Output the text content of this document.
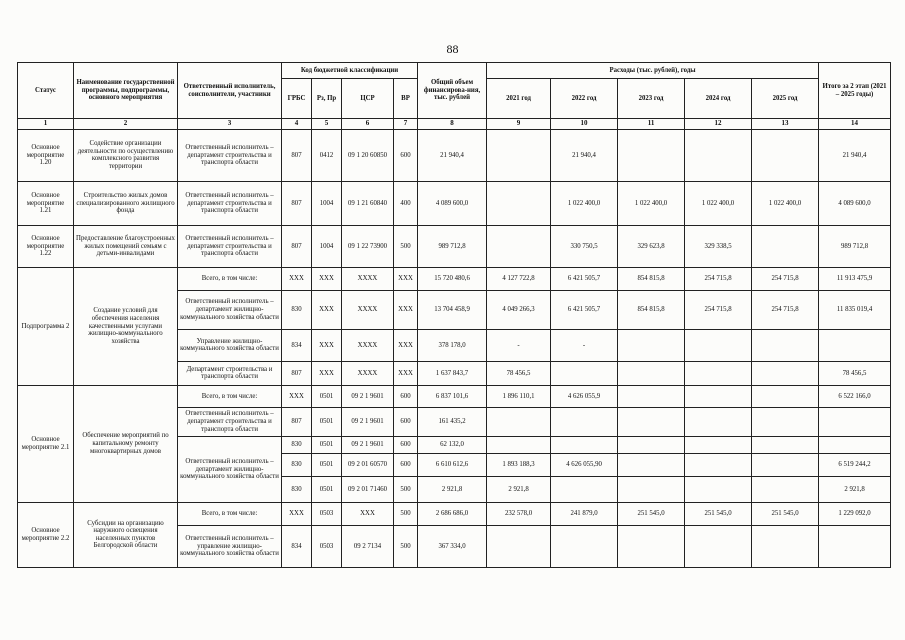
88
Статус	Наименование государственной программы, подпрограммы, основного мероприятия	Ответственный исполнитель, соисполнители, участники	Код бюджетной классификации				Общий объем финансирова-ния, тыс. рублей	Расходы (тыс. рублей), годы					Итого за 2 этап (2021 – 2025 годы)
			ГРБС	Рз, Пр	ЦСР	ВР		2021 год	2022 год	2023 год	2024 год	2025 год	
1	2	3	4	5	6	7	8	9	10	11	12	13	14
Основное мероприятие 1.20	Содействие организации деятельности по осуществлению комплексного развития территории	Ответственный исполнитель – департамент строительства и транспорта области	807	0412	09 1 20 60850	600	21 940,4		21 940,4				21 940,4
Основное мероприятие 1.21	Строительство жилых домов специализированного жилищного фонда	Ответственный исполнитель – департамент строительства и транспорта области	807	1004	09 1 21 60840	400	4 089 600,0		1 022 400,0	1 022 400,0	1 022 400,0	1 022 400,0	4 089 600,0
Основное мероприятие 1.22	Предоставление благоустроенных жилых помещений семьям с детьми-инвалидами	Ответственный исполнитель – департамент строительства и транспорта области	807	1004	09 1 22 73900	500	989 712,8		330 750,5	329 623,8	329 338,5		989 712,8
Подпрограмма 2	Создание условий для обеспечения населения качественными услугами жилищно-коммунального хозяйства	Всего, в том числе:	ХХХ	ХХХ	ХХХХ	ХХХ	15 720 480,6	4 127 722,8	6 421 505,7	854 815,8	254 715,8	254 715,8	11 913 475,9
		Ответственный исполнитель – департамент жилищно-коммунального хозяйства области	830	ХХХ	ХХХХ	ХХХ	13 704 458,9	4 049 266,3	6 421 505,7	854 815,8	254 715,8	254 715,8	11 835 019,4
		Управление жилищно-коммунального хозяйства области	834	ХХХ	ХХХХ	ХХХ	378 178,0	-	-				
		Департамент строительства и транспорта области	807	ХХХ	ХХХХ	ХХХ	1 637 843,7	78 456,5					78 456,5
Основное мероприятие 2.1	Обеспечение мероприятий по капитальному ремонту многоквартирных домов	Всего, в том числе:	ХХХ	0501	09 2 1 9601	600	6 837 101,6	1 896 110,1	4 626 055,9				6 522 166,0
		Ответственный исполнитель – департамент строительства и транспорта области	807	0501	09 2 1 9601	600	161 435,2						
		Ответственный исполнитель – департамент жилищно-коммунального хозяйства области	830	0501	09 2 1 9601	600	62 132,0						
			830	0501	09 2 01 60570	600	6 610 612,6	1 893 188,3	4 626 055,90				6 519 244,2
			830	0501	09 2 01 71460	500	2 921,8	2 921,8					2 921,8
Основное мероприятие 2.2	Субсидии на организацию наружного освещения населенных пунктов Белгородской области	Всего, в том числе:	ХХХ	0503	ХХХ	500	2 686 686,0	232 578,0	241 879,0	251 545,0	251 545,0	251 545,0	1 229 092,0
		Ответственный исполнитель – управление жилищно-коммунального хозяйства области	834	0503	09 2 7134	500	367 334,0						
